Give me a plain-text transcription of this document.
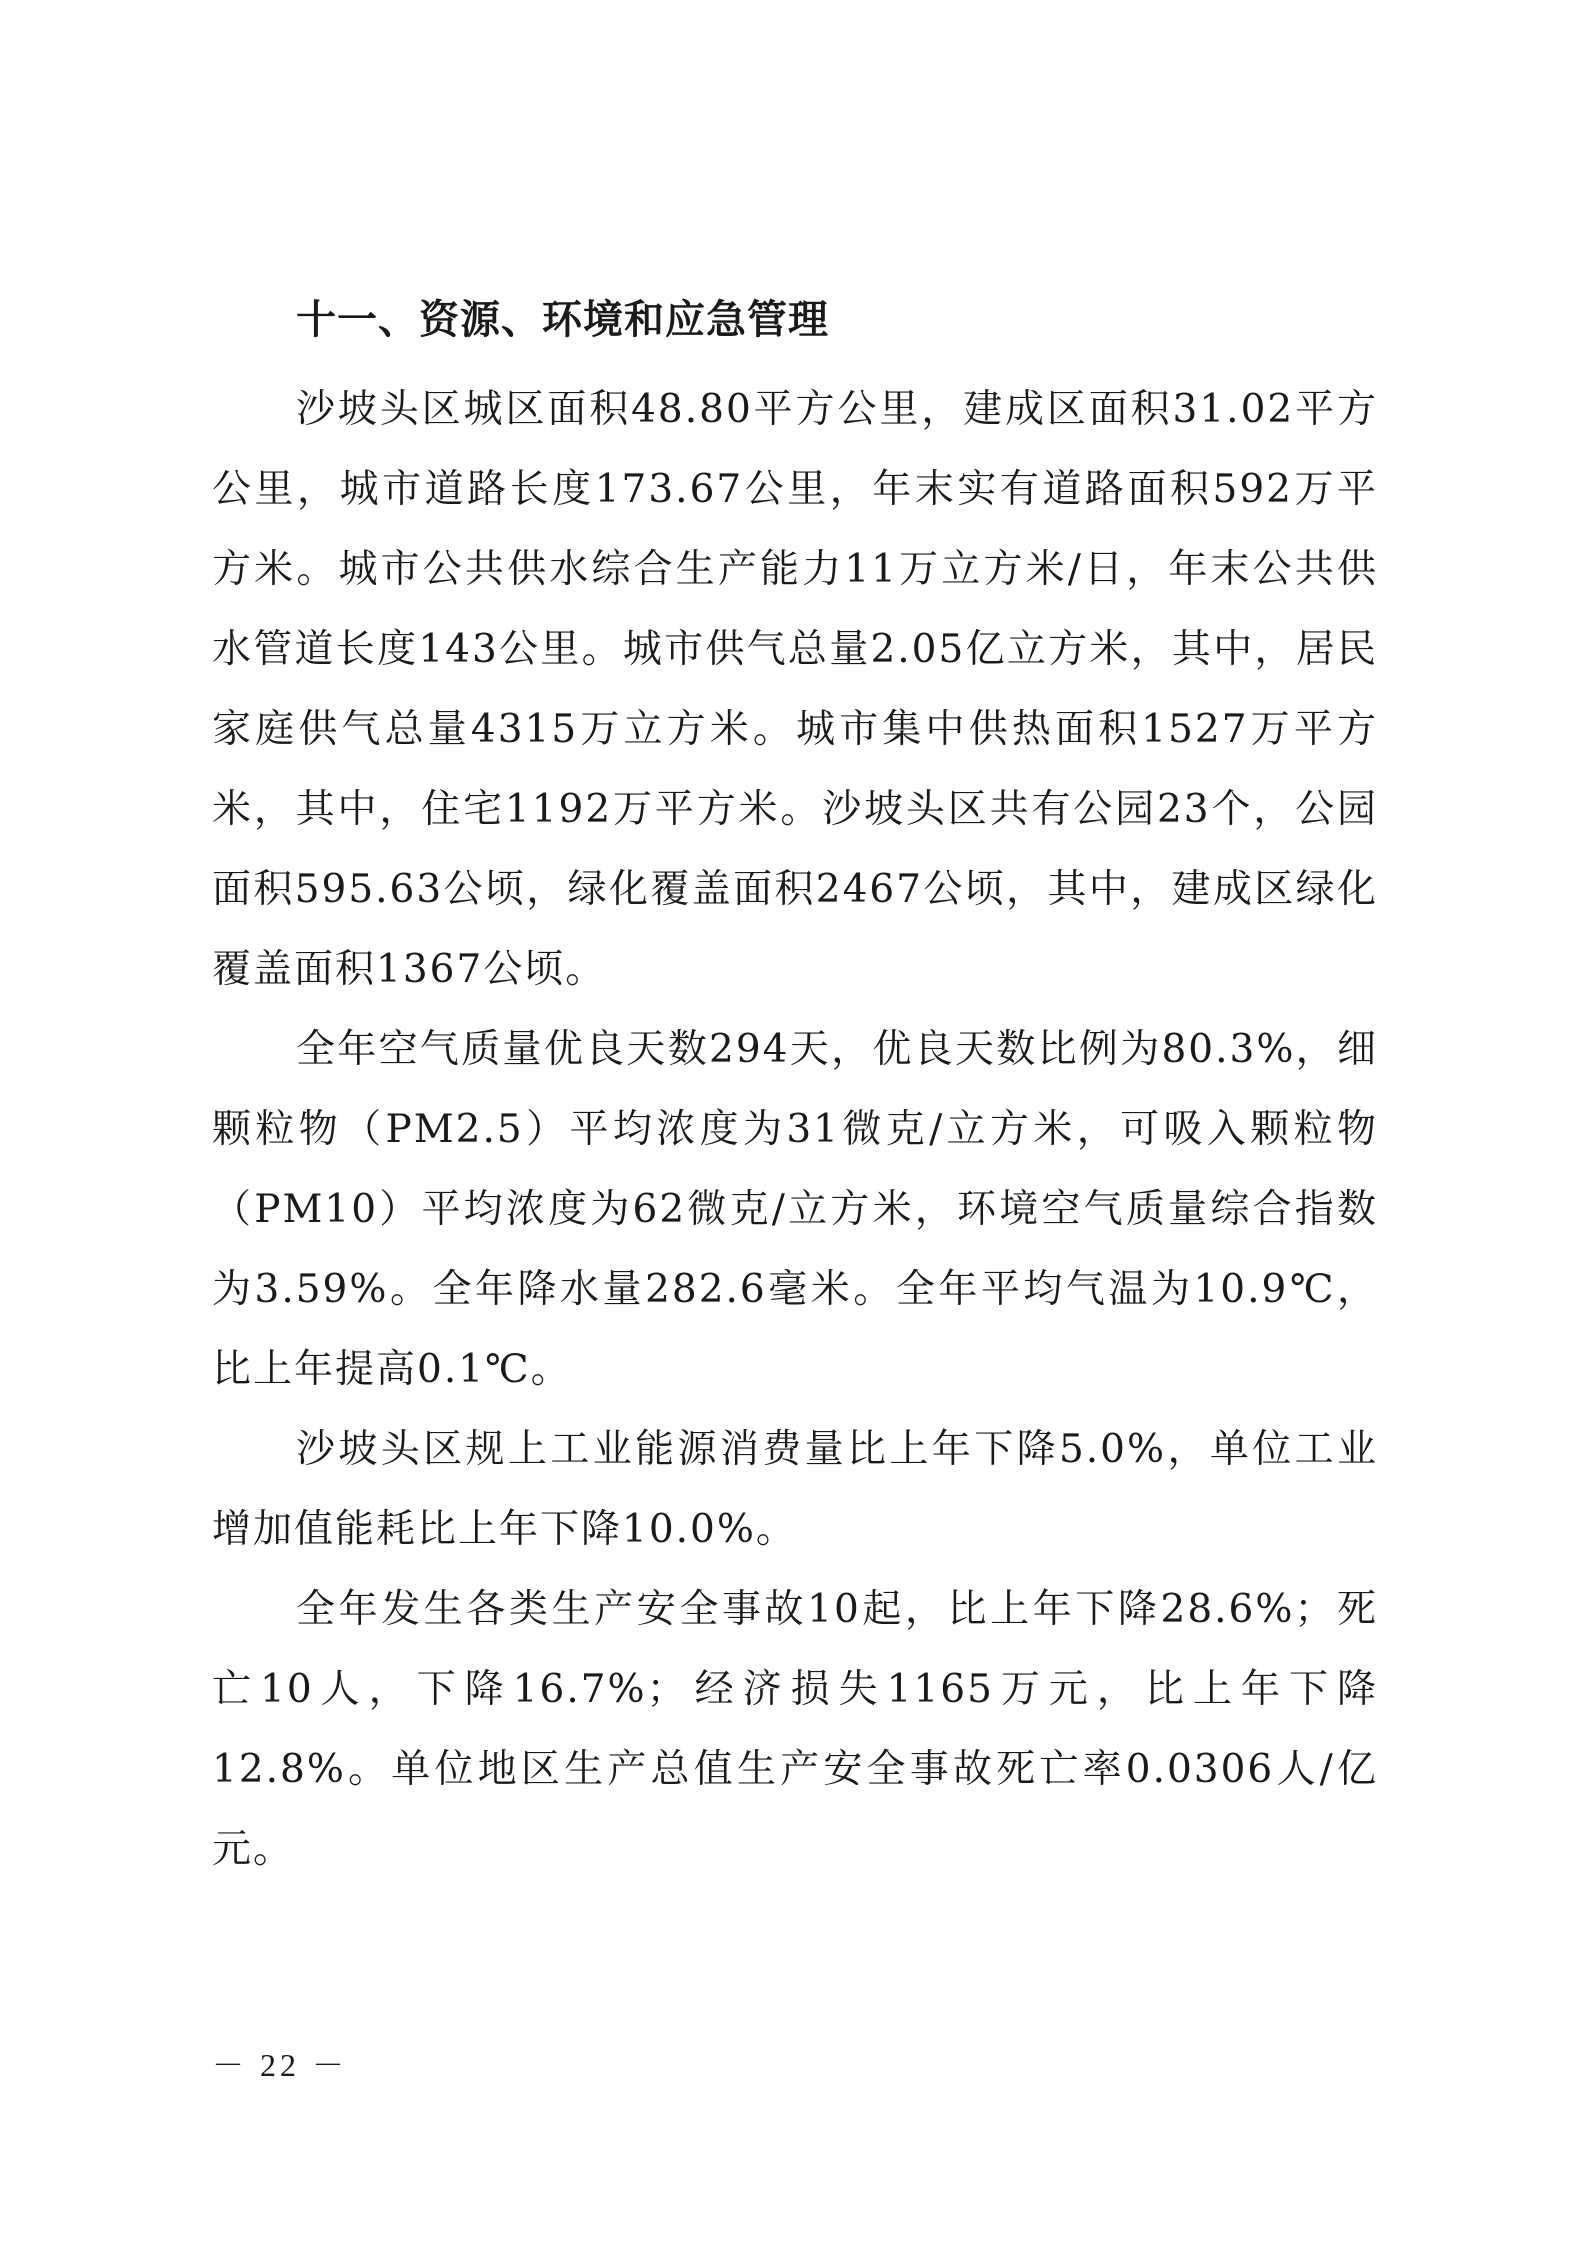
十一、资源、环境和应急管理

沙坡头区城区面积48.80平方公里，建成区面积31.02平方公里，城市道路长度173.67公里，年末实有道路面积592万平方米。城市公共供水综合生产能力11万立方米/日，年末公共供水管道长度143公里。城市供气总量2.05亿立方米，其中，居民家庭供气总量4315万立方米。城市集中供热面积1527万平方米，其中，住宅1192万平方米。沙坡头区共有公园23个，公园面积595.63公顷，绿化覆盖面积2467公顷，其中，建成区绿化覆盖面积1367公顷。

全年空气质量优良天数294天，优良天数比例为80.3%，细颗粒物（PM2.5）平均浓度为31微克/立方米，可吸入颗粒物（PM10）平均浓度为62微克/立方米，环境空气质量综合指数为3.59%。全年降水量282.6毫米。全年平均气温为10.9℃，比上年提高0.1℃。

沙坡头区规上工业能源消费量比上年下降5.0%，单位工业增加值能耗比上年下降10.0%。

全年发生各类生产安全事故10起，比上年下降28.6%；死亡10人，下降16.7%；经济损失1165万元，比上年下降12.8%。单位地区生产总值生产安全事故死亡率0.0306人/亿元。

－ 22 －
